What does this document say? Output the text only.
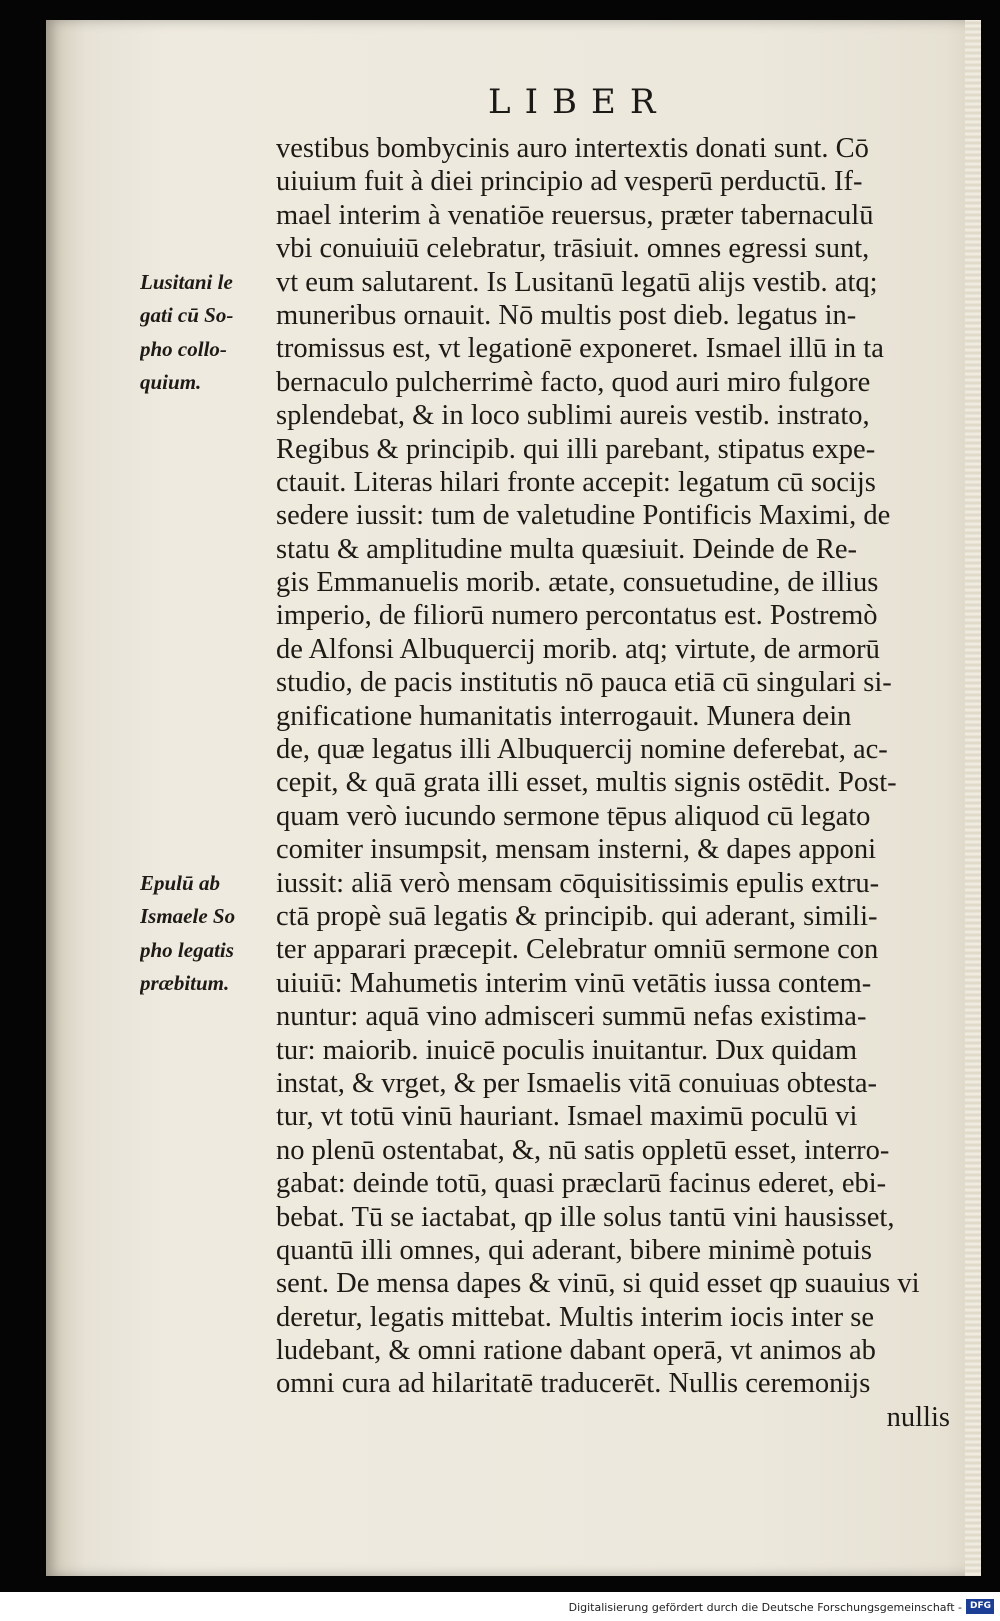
LIBER
vestibus bombycinis auro intertextis donati sunt. Cō
uiuium fuit à diei principio ad vesperū perductū. If-
mael interim à venatiōe reuersus, præter tabernaculū
vbi conuiuiū celebratur, trāsiuit. omnes egressi sunt,
vt eum salutarent. Is Lusitanū legatū alijs vestib. atq;
muneribus ornauit. Nō multis post dieb. legatus in-
tromissus est, vt legationē exponeret. Ismael illū in ta
bernaculo pulcherrimè facto, quod auri miro fulgore
splendebat, & in loco sublimi aureis vestib. instrato,
Regibus & principib. qui illi parebant, stipatus expe-
ctauit. Literas hilari fronte accepit: legatum cū socijs
sedere iussit: tum de valetudine Pontificis Maximi, de
statu & amplitudine multa quæsiuit. Deinde de Re-
gis Emmanuelis morib. ætate, consuetudine, de illius
imperio, de filiorū numero percontatus est. Postremò
de Alfonsi Albuquercij morib. atq; virtute, de armorū
studio, de pacis institutis nō pauca etiā cū singulari si-
gnificatione humanitatis interrogauit. Munera dein
de, quæ legatus illi Albuquercij nomine deferebat, ac-
cepit, & quā grata illi esset, multis signis ostēdit. Post-
quam verò iucundo sermone tēpus aliquod cū legato
comiter insumpsit, mensam insterni, & dapes apponi
iussit: aliā verò mensam cōquisitissimis epulis extru-
ctā propè suā legatis & principib. qui aderant, simili-
ter apparari præcepit. Celebratur omniū sermone con
uiuiū: Mahumetis interim vinū vetātis iussa contem-
nuntur: aquā vino admisceri summū nefas existima-
tur: maiorib. inuicē poculis inuitantur. Dux quidam
instat, & vrget, & per Ismaelis vitā conuiuas obtesta-
tur, vt totū vinū hauriant. Ismael maximū poculū vi
no plenū ostentabat, &, nū satis oppletū esset, interro-
gabat: deinde totū, quasi præclarū facinus ederet, ebi-
bebat. Tū se iactabat, qp ille solus tantū vini hausisset,
quantū illi omnes, qui aderant, bibere minimè potuis
sent. De mensa dapes & vinū, si quid esset qp suauius vi
deretur, legatis mittebat. Multis interim iocis inter se
ludebant, & omni ratione dabant operā, vt animos ab
omni cura ad hilaritatē traducerēt. Nullis ceremonijs
nullis
Lusitani le
gati cū So-
pho collo-
quium.
Epulū ab
Ismaele So
pho legatis
præbitum.
Digitalisierung gefördert durch die Deutsche Forschungsgemeinschaft - DFG
